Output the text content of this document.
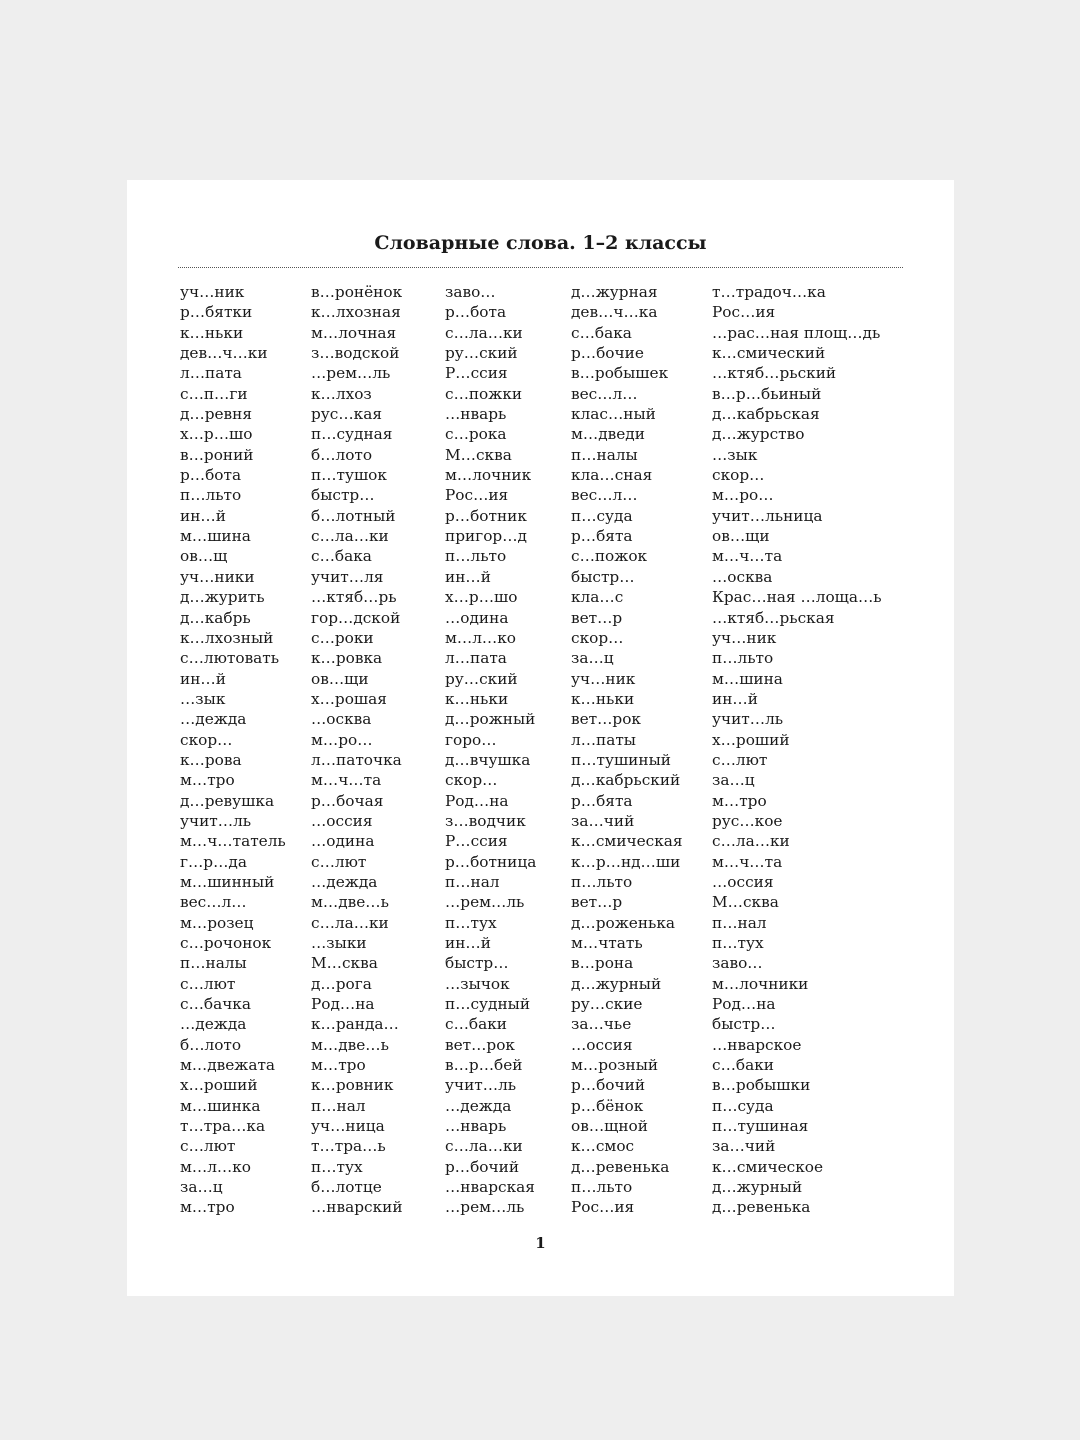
Словарные слова. 1–2 классы
уч…ник
р…бятки
к…ньки
дев…ч…ки
л…пата
с…п…ги
д…ревня
х…р…шо
в…роний
р…бота
п…льто
ин…й
м…шина
ов…щ
уч…ники
д…журить
д…кабрь
к…лхозный
с…лютовать
ин…й
…зык
…дежда
скор…
к…рова
м…тро
д…ревушка
учит…ль
м…ч…татель
г…р…да
м…шинный
вес…л…
м…розец
с…рочонок
п…налы
с…лют
с…бачка
…дежда
б…лото
м…двежата
х…роший
м…шинка
т…тра…ка
с…лют
м…л…ко
за…ц
м…тро
в…ронёнок
к…лхозная
м…лочная
з…водской
…рем…ль
к…лхоз
рус…кая
п…судная
б…лото
п…тушок
быстр…
б…лотный
с…ла…ки
с…бака
учит…ля
…ктяб…рь
гор…дской
с…роки
к…ровка
ов…щи
х…рошая
…осква
м…ро…
л…паточка
м…ч…та
р…бочая
…оссия
…одина
с…лют
…дежда
м…две…ь
с…ла…ки
…зыки
М…сква
д…рога
Род…на
к…ранда…
м…две…ь
м…тро
к…ровник
п…нал
уч…ница
т…тра…ь
п…тух
б…лотце
…нварский
заво…
р…бота
с…ла…ки
ру…ский
Р…ссия
с…пожки
…нварь
с…рока
М…сква
м…лочник
Рос…ия
р…ботник
пригор…д
п…льто
ин…й
х…р…шо
…одина
м…л…ко
л…пата
ру…ский
к…ньки
д…рожный
горо…
д…вчушка
скор…
Род…на
з…водчик
Р…ссия
р…ботница
п…нал
…рем…ль
п…тух
ин…й
быстр…
…зычок
п…судный
с…баки
вет…рок
в…р…бей
учит…ль
…дежда
…нварь
с…ла…ки
р…бочий
…нварская
…рем…ль
д…журная
дев…ч…ка
с…бака
р…бочие
в…робышек
вес…л…
клас…ный
м…дведи
п…налы
кла…сная
вес…л…
п…суда
р…бята
с…пожок
быстр…
кла…с
вет…р
скор…
за…ц
уч…ник
к…ньки
вет…рок
л…паты
п…тушиный
д…кабрьский
р…бята
за…чий
к…смическая
к…р…нд…ши
п…льто
вет…р
д…роженька
м…чтать
в…рона
д…журный
ру…ские
за…чье
…оссия
м…розный
р…бочий
р…бёнок
ов…щной
к…смос
д…ревенька
п…льто
Рос…ия
т…традоч…ка
Рос…ия
…рас…ная площ…дь
к…смический
…ктяб…рьский
в…р…бьиный
д…кабрьская
д…журство
…зык
скор…
м…ро…
учит…льница
ов…щи
м…ч…та
…осква
Крас…ная …лоща…ь
…ктяб…рьская
уч…ник
п…льто
м…шина
ин…й
учит…ль
х…роший
с…лют
за…ц
м…тро
рус…кое
с…ла…ки
м…ч…та
…оссия
М…сква
п…нал
п…тух
заво…
м…лочники
Род…на
быстр…
…нварское
с…баки
в…робышки
п…суда
п…тушиная
за…чий
к…смическое
д…журный
д…ревенька
1
